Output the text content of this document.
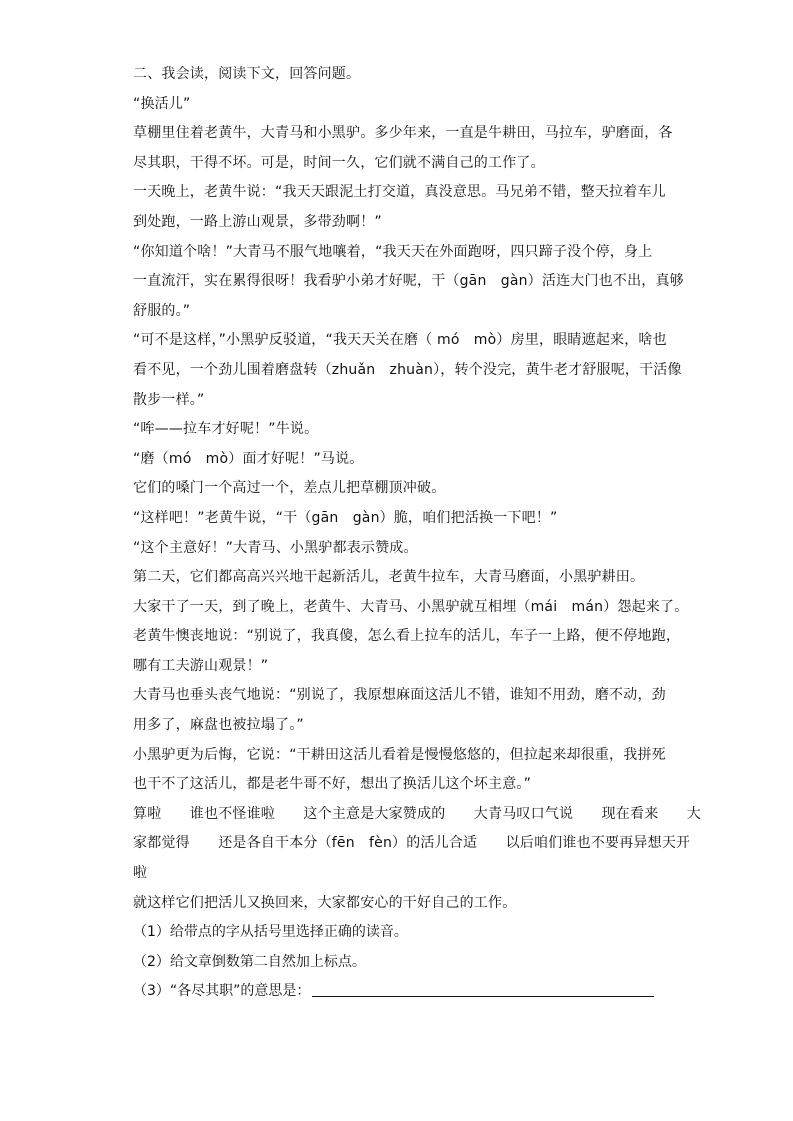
二、我会读，阅读下文，回答问题。
“换活儿”
草棚里住着老黄牛，大青马和小黑驴。多少年来，一直是牛耕田，马拉车，驴磨面，各
尽其职，干得不坏。可是，时间一久，它们就不满自己的工作了。
一天晚上，老黄牛说：“我天天跟泥土打交道，真没意思。马兄弟不错，整天拉着车儿
到处跑，一路上游山观景，多带劲啊！”
“你知道个啥！”大青马不服气地嚷着，“我天天在外面跑呀，四只蹄子没个停，身上
一直流汗，实在累得很呀！我看驴小弟才好呢，干（gān　gàn）活连大门也不出，真够
舒服的。”
“可不是这样，”小黑驴反驳道，“我天天关在磨（ mó　mò）房里，眼睛遮起来，啥也
看不见，一个劲儿围着磨盘转（zhuǎn　zhuàn），转个没完，黄牛老才舒服呢，干活像
散步一样。”
“哞——拉车才好呢！”牛说。
“磨（mó　mò）面才好呢！”马说。
它们的嗓门一个高过一个，差点儿把草棚顶冲破。
“这样吧！”老黄牛说，“干（gān　gàn）脆，咱们把活换一下吧！”
“这个主意好！”大青马、小黑驴都表示赞成。
第二天，它们都高高兴兴地干起新活儿，老黄牛拉车，大青马磨面，小黑驴耕田。
大家干了一天，到了晚上，老黄牛、大青马、小黑驴就互相埋（mái　mán）怨起来了。
老黄牛懊丧地说：“别说了，我真傻，怎么看上拉车的活儿，车子一上路，便不停地跑，
哪有工夫游山观景！”
大青马也垂头丧气地说：“别说了，我原想麻面这活儿不错，谁知不用劲，磨不动，劲
用多了，麻盘也被拉塌了。”
小黑驴更为后悔，它说：“干耕田这活儿看着是慢慢悠悠的，但拉起来却很重，我拼死
也干不了这活儿，都是老牛哥不好，想出了换活儿这个坏主意。”
算啦　　谁也不怪谁啦　　这个主意是大家赞成的　　大青马叹口气说　　现在看来　　大
家都觉得　　还是各自干本分（fēn　fèn）的活儿合适　　以后咱们谁也不要再异想天开
啦
就这样它们把活儿又换回来，大家都安心的干好自己的工作。
（1）给带点的字从括号里选择正确的读音。
（2）给文章倒数第二自然加上标点。
（3）“各尽其职”的意思是：
